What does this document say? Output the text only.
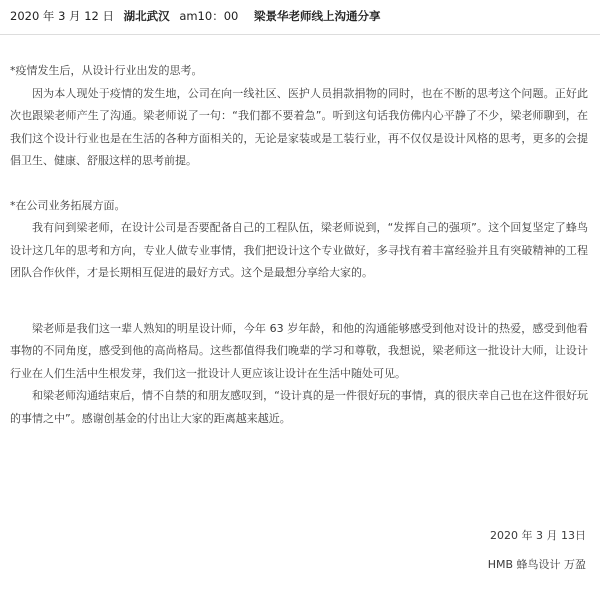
2020 年 3 月 12 日 湖北武汉 am10：00 梁景华老师线上沟通分享

*疫情发生后，从设计行业出发的思考。

因为本人现处于疫情的发生地，公司在向一线社区、医护人员捐款捐物的同时，也在不断的思考这个问题。正好此次也跟梁老师产生了沟通。梁老师说了一句：“我们都不要着急”。听到这句话我仿佛内心平静了不少，梁老师聊到，在我们这个设计行业也是在生活的各种方面相关的，无论是家装或是工装行业，再不仅仅是设计风格的思考，更多的会提倡卫生、健康、舒服这样的思考前提。

*在公司业务拓展方面。

我有问到梁老师，在设计公司是否要配备自己的工程队伍，梁老师说到，“发挥自己的强项”。这个回复坚定了蜂鸟设计这几年的思考和方向，专业人做专业事情，我们把设计这个专业做好，多寻找有着丰富经验并且有突破精神的工程团队合作伙伴，才是长期相互促进的最好方式。这个是最想分享给大家的。

梁老师是我们这一辈人熟知的明星设计师，今年 63 岁年龄，和他的沟通能够感受到他对设计的热爱，感受到他看事物的不同角度，感受到他的高尚格局。这些都值得我们晚辈的学习和尊敬，我想说，梁老师这一批设计大师，让设计行业在人们生活中生根发芽，我们这一批设计人更应该让设计在生活中随处可见。

和梁老师沟通结束后，情不自禁的和朋友感叹到，“设计真的是一件很好玩的事情，真的很庆幸自己也在这件很好玩的事情之中”。感谢创基金的付出让大家的距离越来越近。

2020 年 3 月 13日
HMB 蜂鸟设计 万盈
